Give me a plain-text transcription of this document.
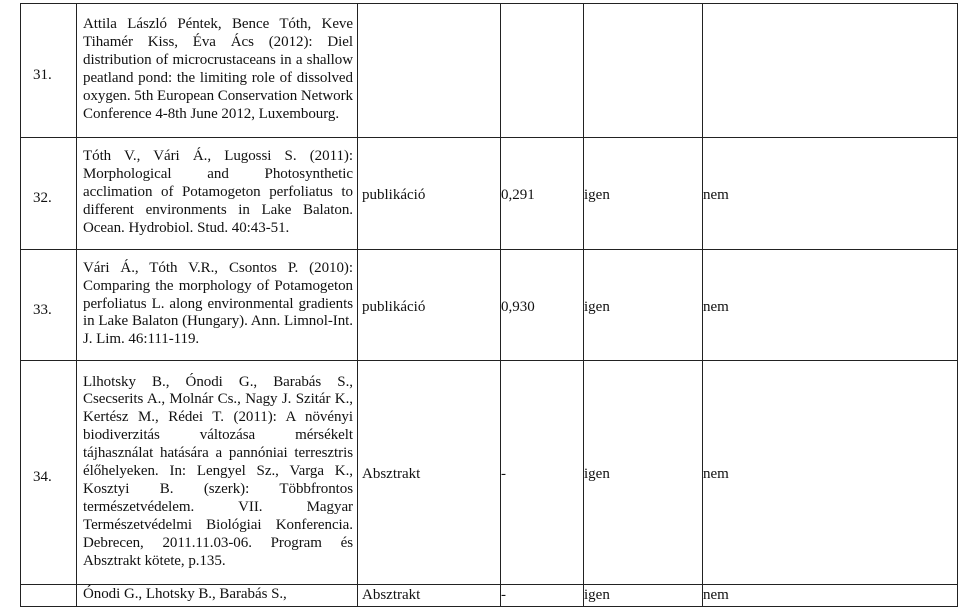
31.	Attila László Péntek, Bence Tóth, Keve Tihamér Kiss, Éva Ács (2012): Diel distribution of microcrustaceans in a shallow peatland pond: the limiting role of dissolved oxygen. 5th European Conservation Network Conference 4-8th June 2012, Luxembourg.				

32.	Tóth V., Vári Á., Lugossi S. (2011): Morphological and Photosynthetic acclimation of Potamogeton perfoliatus to different environments in Lake Balaton. Ocean. Hydrobiol. Stud. 40:43-51.	publikáció	0,291	igen	nem
33.	Vári Á., Tóth V.R., Csontos P. (2010): Comparing the morphology of Potamogeton perfoliatus L. along environmental gradients in Lake Balaton (Hungary). Ann. Limnol-Int. J. Lim. 46:111-119.	publikáció	0,930	igen	nem
34.	Llhotsky B., Ónodi G., Barabás S., Csecserits A., Molnár Cs., Nagy J. Szitár K., Kertész M., Rédei T. (2011): A növényi biodiverzitás változása mérsékelt tájhasználat hatására a pannóniai terresztris élőhelyeken. In: Lengyel Sz., Varga K., Kosztyi B. (szerk): Többfrontos természetvédelem. VII. Magyar Természetvédelmi Biológiai Konferencia. Debrecen, 2011.11.03-06. Program és Absztrakt kötete, p.135.	Absztrakt	-	igen	nem

	Ónodi G., Lhotsky B., Barabás S.,	Absztrakt	-	igen	nem
